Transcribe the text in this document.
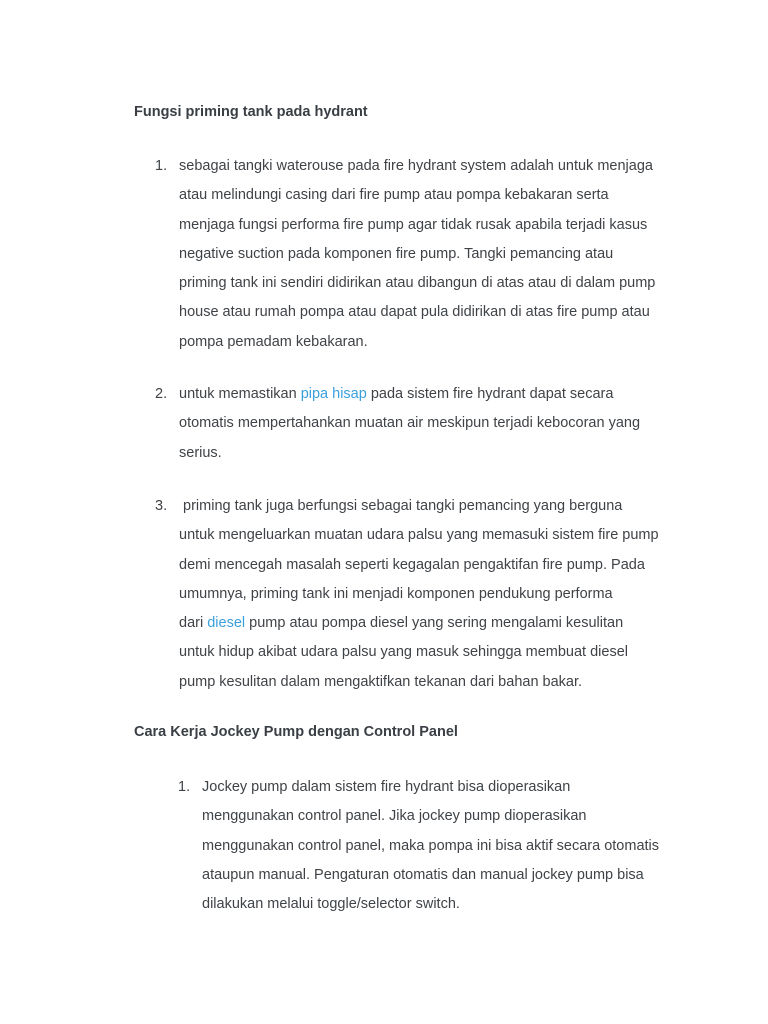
Fungsi priming tank pada hydrant
1. sebagai tangki waterouse pada fire hydrant system adalah untuk menjaga
atau melindungi casing dari fire pump atau pompa kebakaran serta
menjaga fungsi performa fire pump agar tidak rusak apabila terjadi kasus
negative suction pada komponen fire pump. Tangki pemancing atau
priming tank ini sendiri didirikan atau dibangun di atas atau di dalam pump
house atau rumah pompa atau dapat pula didirikan di atas fire pump atau
pompa pemadam kebakaran.
2. untuk memastikan pipa hisap pada sistem fire hydrant dapat secara
otomatis mempertahankan muatan air meskipun terjadi kebocoran yang
serius.
3. priming tank juga berfungsi sebagai tangki pemancing yang berguna
untuk mengeluarkan muatan udara palsu yang memasuki sistem fire pump
demi mencegah masalah seperti kegagalan pengaktifan fire pump. Pada
umumnya, priming tank ini menjadi komponen pendukung performa
dari diesel pump atau pompa diesel yang sering mengalami kesulitan
untuk hidup akibat udara palsu yang masuk sehingga membuat diesel
pump kesulitan dalam mengaktifkan tekanan dari bahan bakar.
Cara Kerja Jockey Pump dengan Control Panel
1. Jockey pump dalam sistem fire hydrant bisa dioperasikan
menggunakan control panel. Jika jockey pump dioperasikan
menggunakan control panel, maka pompa ini bisa aktif secara otomatis
ataupun manual. Pengaturan otomatis dan manual jockey pump bisa
dilakukan melalui toggle/selector switch.
